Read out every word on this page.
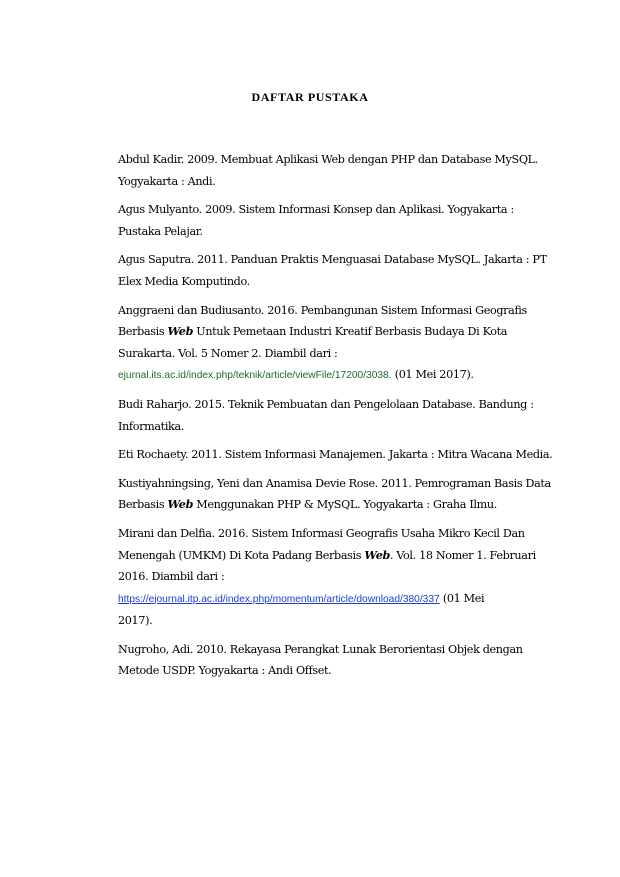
DAFTAR PUSTAKA
Abdul Kadir. 2009. Membuat Aplikasi Web dengan PHP dan Database MySQL.
Yogyakarta : Andi.
Agus Mulyanto. 2009. Sistem Informasi Konsep dan Aplikasi. Yogyakarta :
Pustaka Pelajar.
Agus Saputra. 2011. Panduan Praktis Menguasai Database MySQL. Jakarta : PT
Elex Media Komputindo.
Anggraeni dan Budiusanto. 2016. Pembangunan Sistem Informasi Geografis
Berbasis Web Untuk Pemetaan Industri Kreatif Berbasis Budaya Di Kota
Surakarta. Vol. 5 Nomer 2. Diambil dari :
ejurnal.its.ac.id/index.php/teknik/article/viewFile/17200/3038. (01 Mei 2017).
Budi Raharjo. 2015. Teknik Pembuatan dan Pengelolaan Database. Bandung :
Informatika.
Eti Rochaety. 2011. Sistem Informasi Manajemen. Jakarta : Mitra Wacana Media.
Kustiyahningsing, Yeni dan Anamisa Devie Rose. 2011. Pemrograman Basis Data
Berbasis Web Menggunakan PHP & MySQL. Yogyakarta : Graha Ilmu.
Mirani dan Delfia. 2016. Sistem Informasi Geografis Usaha Mikro Kecil Dan
Menengah (UMKM) Di Kota Padang Berbasis Web. Vol. 18 Nomer 1. Februari
2016. Diambil dari :
https://ejournal.itp.ac.id/index.php/momentum/article/download/380/337 (01 Mei
2017).
Nugroho, Adi. 2010. Rekayasa Perangkat Lunak Berorientasi Objek dengan
Metode USDP. Yogyakarta : Andi Offset.
